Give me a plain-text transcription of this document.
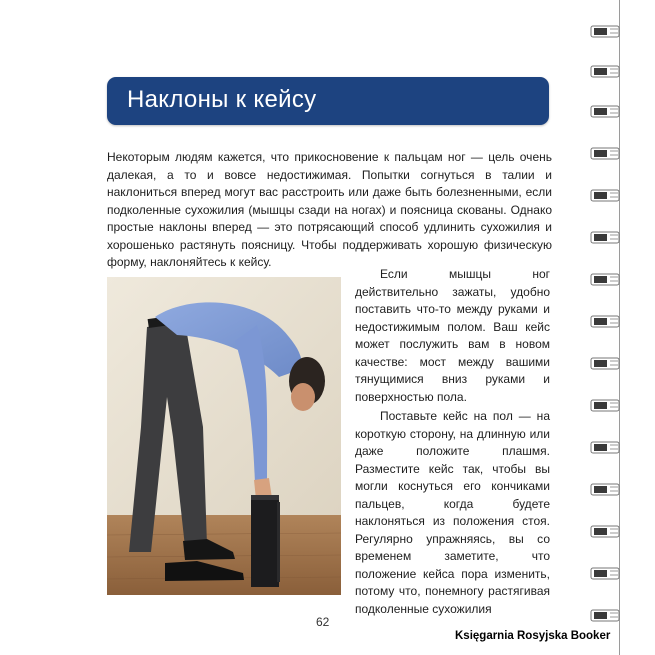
Наклоны к кейсу

Некоторым людям кажется, что прикосновение к пальцам ног — цель очень далекая, а то и вовсе недостижимая. Попытки согнуться в талии и наклониться вперед могут вас расстроить или даже быть болезненными, если подколенные сухожилия (мышцы сзади на ногах) и поясница скованы. Однако простые наклоны вперед — это потрясающий способ удлинить сухожилия и хорошенько растянуть поясницу. Чтобы поддерживать хорошую физическую форму, наклоняйтесь к кейсу.

Если мышцы ног действительно зажаты, удобно поставить что-то между руками и недостижимым полом. Ваш кейс может послужить вам в новом качестве: мост между вашими тянущимися вниз руками и поверхностью пола.

Поставьте кейс на пол — на короткую сторону, на длинную или даже положите плашмя. Разместите кейс так, чтобы вы могли коснуться его кончиками пальцев, когда будете наклоняться из положения стоя. Регулярно упражняясь, вы со временем заметите, что положение кейса пора изменить, потому что, понемногу растягивая подколенные сухожилия

62
Księgarnia Rosyjska Booker
